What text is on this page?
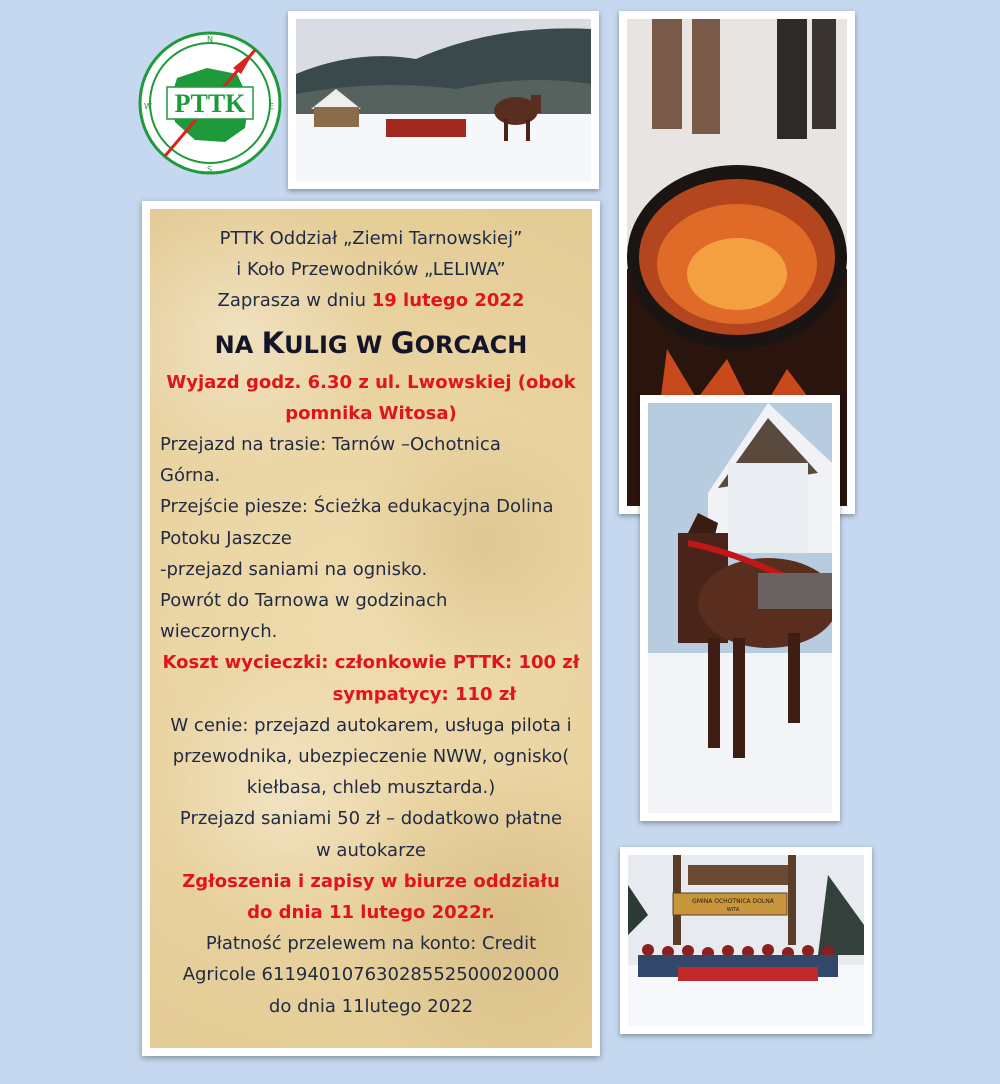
W	E
N
S
PTTK
GMINA OCHOTNICA DOLNA
WITA
PTTK Oddział „Ziemi Tarnowskiej”
i Koło Przewodników „LELIWA”
Zaprasza w dniu 19 lutego 2022
NA KULIG W GORCACH
Wyjazd godz. 6.30 z ul. Lwowskiej (obok
pomnika Witosa)
Przejazd na trasie: Tarnów –Ochotnica
Górna.
Przejście piesze: Ścieżka edukacyjna Dolina
Potoku Jaszcze
-przejazd saniami na ognisko.
Powrót do Tarnowa w godzinach
wieczornych.
Koszt wycieczki: członkowie PTTK: 100 zł
sympatycy: 110 zł
W cenie: przejazd autokarem, usługa pilota i
przewodnika, ubezpieczenie NWW, ognisko(
kiełbasa, chleb musztarda.)
Przejazd saniami 50 zł – dodatkowo płatne
w autokarze
Zgłoszenia i zapisy w biurze oddziału
do dnia 11 lutego 2022r.
Płatność przelewem na konto: Credit
Agricole 61194010763028552500020000
do dnia 11lutego 2022
